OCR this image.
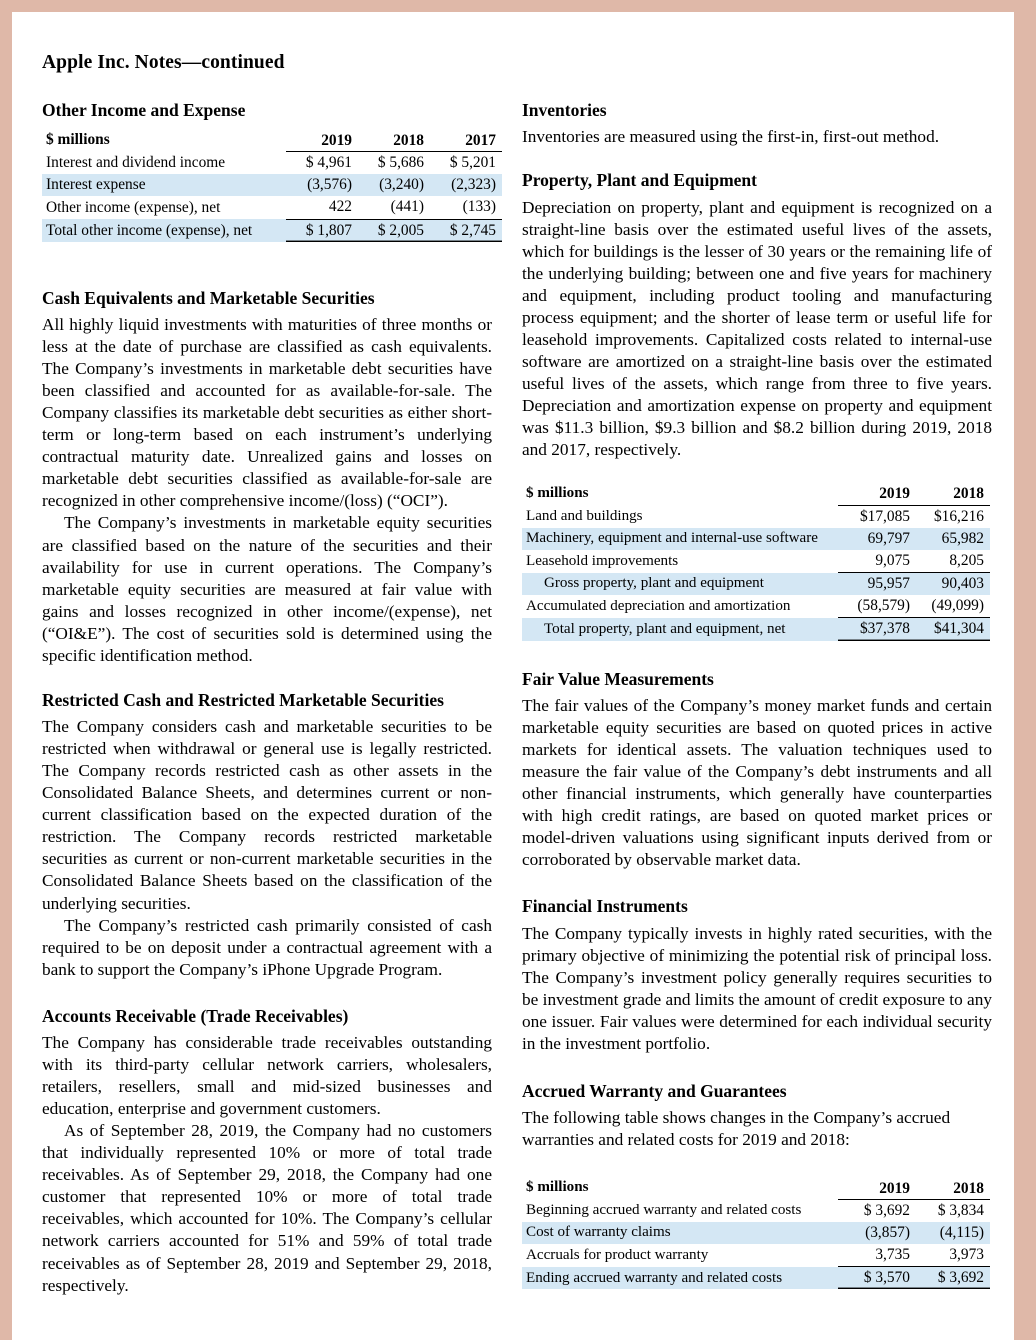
Apple Inc. Notes—continued
Other Income and Expense
$ millions	2019	2018	2017
Interest and dividend income	$ 4,961	$ 5,686	$ 5,201
Interest expense	(3,576)	(3,240)	(2,323)
Other income (expense), net	422	(441)	(133)
Total other income (expense), net	$ 1,807	$ 2,005	$ 2,745
Cash Equivalents and Marketable Securities

All highly liquid investments with maturities of three months or less at the date of purchase are classified as cash equivalents. The Company’s investments in marketable debt securities have been classified and accounted for as available-for-sale. The Company classifies its marketable debt securities as either short-term or long-term based on each instrument’s underlying contractual maturity date. Unrealized gains and losses on marketable debt securities classified as available-for-sale are recognized in other comprehensive income/(loss) (“OCI”).

The Company’s investments in marketable equity securities are classified based on the nature of the securities and their availability for use in current operations. The Company’s marketable equity securities are measured at fair value with gains and losses recognized in other income/(expense), net (“OI&E”). The cost of securities sold is determined using the specific identification method.

Restricted Cash and Restricted Marketable Securities

The Company considers cash and marketable securities to be restricted when withdrawal or general use is legally restricted. The Company records restricted cash as other assets in the Consolidated Balance Sheets, and determines current or non-current classification based on the expected duration of the restriction. The Company records restricted marketable securities as current or non-current marketable securities in the Consolidated Balance Sheets based on the classification of the underlying securities.

The Company’s restricted cash primarily consisted of cash required to be on deposit under a contractual agreement with a bank to support the Company’s iPhone Upgrade Program.

Accounts Receivable (Trade Receivables)

The Company has considerable trade receivables outstanding with its third-party cellular network carriers, wholesalers, retailers, resellers, small and mid-sized businesses and education, enterprise and government customers.

As of September 28, 2019, the Company had no customers that individually represented 10% or more of total trade receivables. As of September 29, 2018, the Company had one customer that represented 10% or more of total trade receivables, which accounted for 10%. The Company’s cellular network carriers accounted for 51% and 59% of total trade receivables as of September 28, 2019 and September 29, 2018, respectively.

Inventories

Inventories are measured using the first-in, first-out method.

Property, Plant and Equipment

Depreciation on property, plant and equipment is recognized on a straight-line basis over the estimated useful lives of the assets, which for buildings is the lesser of 30 years or the remaining life of the underlying building; between one and five years for machinery and equipment, including product tooling and manufacturing process equipment; and the shorter of lease term or useful life for leasehold improvements. Capitalized costs related to internal-use software are amortized on a straight-line basis over the estimated useful lives of the assets, which range from three to five years. Depreciation and amortization expense on property and equipment was $11.3 billion, $9.3 billion and $8.2 billion during 2019, 2018 and 2017, respectively.

$ millions	2019	2018
Land and buildings	$17,085	$16,216
Machinery, equipment and internal-use software	69,797	65,982
Leasehold improvements	9,075	8,205
Gross property, plant and equipment	95,957	90,403
Accumulated depreciation and amortization	(58,579)	(49,099)
Total property, plant and equipment, net	$37,378	$41,304
Fair Value Measurements

The fair values of the Company’s money market funds and certain marketable equity securities are based on quoted prices in active markets for identical assets. The valuation techniques used to measure the fair value of the Company’s debt instruments and all other financial instruments, which generally have counterparties with high credit ratings, are based on quoted market prices or model-driven valuations using significant inputs derived from or corroborated by observable market data.

Financial Instruments

The Company typically invests in highly rated securities, with the primary objective of minimizing the potential risk of principal loss. The Company’s investment policy generally requires securities to be investment grade and limits the amount of credit exposure to any one issuer. Fair values were determined for each individual security in the investment portfolio.

Accrued Warranty and Guarantees

The following table shows changes in the Company’s accrued warranties and related costs for 2019 and 2018:

$ millions	2019	2018
Beginning accrued warranty and related costs	$ 3,692	$ 3,834
Cost of warranty claims	(3,857)	(4,115)
Accruals for product warranty	3,735	3,973
Ending accrued warranty and related costs	$ 3,570	$ 3,692
